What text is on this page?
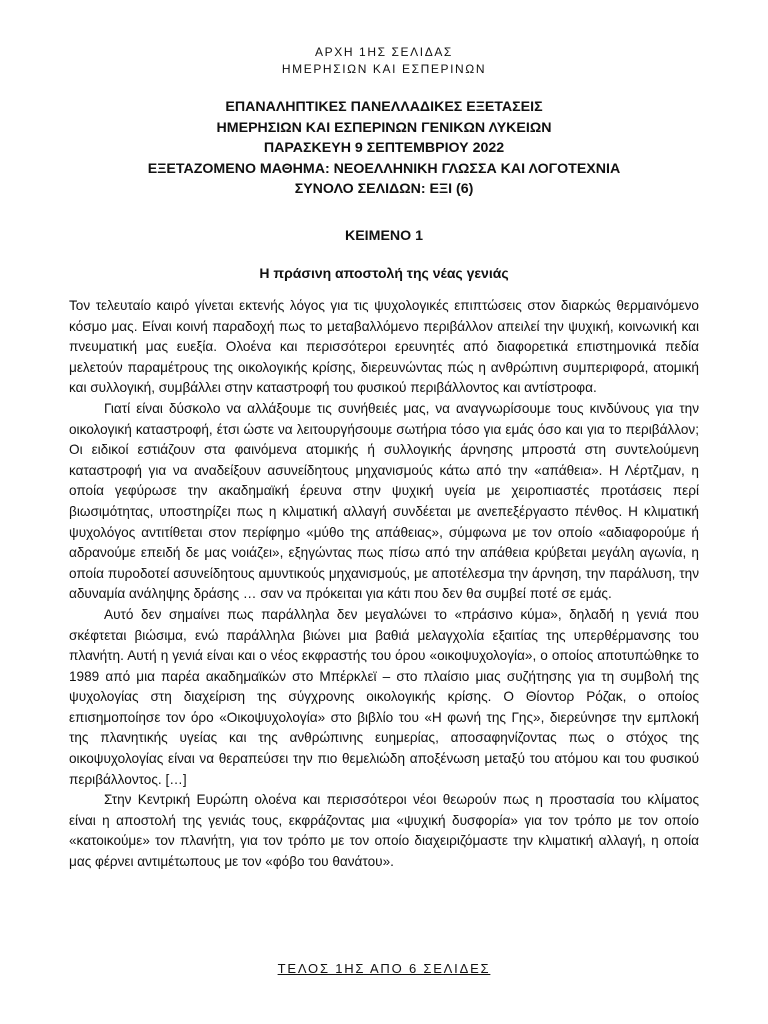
ΑΡΧΗ 1ΗΣ ΣΕΛΙΔΑΣ
ΗΜΕΡΗΣΙΩΝ ΚΑΙ ΕΣΠΕΡΙΝΩΝ
ΕΠΑΝΑΛΗΠΤΙΚΕΣ ΠΑΝΕΛΛΑΔΙΚΕΣ ΕΞΕΤΑΣΕΙΣ
ΗΜΕΡΗΣΙΩΝ ΚΑΙ ΕΣΠΕΡΙΝΩΝ ΓΕΝΙΚΩΝ ΛΥΚΕΙΩΝ
ΠΑΡΑΣΚΕΥΗ 9 ΣΕΠΤΕΜΒΡΙΟΥ 2022
ΕΞΕΤΑΖΟΜΕΝΟ ΜΑΘΗΜΑ: ΝΕΟΕΛΛΗΝΙΚΗ ΓΛΩΣΣΑ ΚΑΙ ΛΟΓΟΤΕΧΝΙΑ
ΣΥΝΟΛΟ ΣΕΛΙΔΩΝ: ΕΞΙ (6)
ΚΕΙΜΕΝΟ 1
Η πράσινη αποστολή της νέας γενιάς

Τον τελευταίο καιρό γίνεται εκτενής λόγος για τις ψυχολογικές επιπτώσεις στον διαρκώς θερμαινόμενο κόσμο μας. Είναι κοινή παραδοχή πως το μεταβαλλόμενο περιβάλλον απειλεί την ψυχική, κοινωνική και πνευματική μας ευεξία. Ολοένα και περισσότεροι ερευνητές από διαφορετικά επιστημονικά πεδία μελετούν παραμέτρους της οικολογικής κρίσης, διερευνώντας πώς η ανθρώπινη συμπεριφορά, ατομική και συλλογική, συμβάλλει στην καταστροφή του φυσικού περιβάλλοντος και αντίστροφα.

Γιατί είναι δύσκολο να αλλάξουμε τις συνήθειές μας, να αναγνωρίσουμε τους κινδύνους για την οικολογική καταστροφή, έτσι ώστε να λειτουργήσουμε σωτήρια τόσο για εμάς όσο και για το περιβάλλον; Οι ειδικοί εστιάζουν στα φαινόμενα ατομικής ή συλλογικής άρνησης μπροστά στη συντελούμενη καταστροφή για να αναδείξουν ασυνείδητους μηχανισμούς κάτω από την «απάθεια». Η Λέρτζμαν, η οποία γεφύρωσε την ακαδημαϊκή έρευνα στην ψυχική υγεία με χειροπιαστές προτάσεις περί βιωσιμότητας, υποστηρίζει πως η κλιματική αλλαγή συνδέεται με ανεπεξέργαστο πένθος. Η κλιματική ψυχολόγος αντιτίθεται στον περίφημο «μύθο της απάθειας», σύμφωνα με τον οποίο «αδιαφορούμε ή αδρανούμε επειδή δε μας νοιάζει», εξηγώντας πως πίσω από την απάθεια κρύβεται μεγάλη αγωνία, η οποία πυροδοτεί ασυνείδητους αμυντικούς μηχανισμούς, με αποτέλεσμα την άρνηση, την παράλυση, την αδυναμία ανάληψης δράσης … σαν να πρόκειται για κάτι που δεν θα συμβεί ποτέ σε εμάς.

Αυτό δεν σημαίνει πως παράλληλα δεν μεγαλώνει το «πράσινο κύμα», δηλαδή η γενιά που σκέφτεται βιώσιμα, ενώ παράλληλα βιώνει μια βαθιά μελαγχολία εξαιτίας της υπερθέρμανσης του πλανήτη. Αυτή η γενιά είναι και ο νέος εκφραστής του όρου «οικοψυχολογία», ο οποίος αποτυπώθηκε το 1989 από μια παρέα ακαδημαϊκών στο Μπέρκλεϊ – στο πλαίσιο μιας συζήτησης για τη συμβολή της ψυχολογίας στη διαχείριση της σύγχρονης οικολογικής κρίσης. Ο Θίοντορ Ρόζακ, ο οποίος επισημοποίησε τον όρο «Οικοψυχολογία» στο βιβλίο του «Η φωνή της Γης», διερεύνησε την εμπλοκή της πλανητικής υγείας και της ανθρώπινης ευημερίας, αποσαφηνίζοντας πως ο στόχος της οικοψυχολογίας είναι να θεραπεύσει την πιο θεμελιώδη αποξένωση μεταξύ του ατόμου και του φυσικού περιβάλλοντος. […]

Στην Κεντρική Ευρώπη ολοένα και περισσότεροι νέοι θεωρούν πως η προστασία του κλίματος είναι η αποστολή της γενιάς τους, εκφράζοντας μια «ψυχική δυσφορία» για τον τρόπο με τον οποίο «κατοικούμε» τον πλανήτη, για τον τρόπο με τον οποίο διαχειριζόμαστε την κλιματική αλλαγή, η οποία μας φέρνει αντιμέτωπους με τον «φόβο του θανάτου».

ΤΕΛΟΣ 1ΗΣ ΑΠΟ 6 ΣΕΛΙΔΕΣ
